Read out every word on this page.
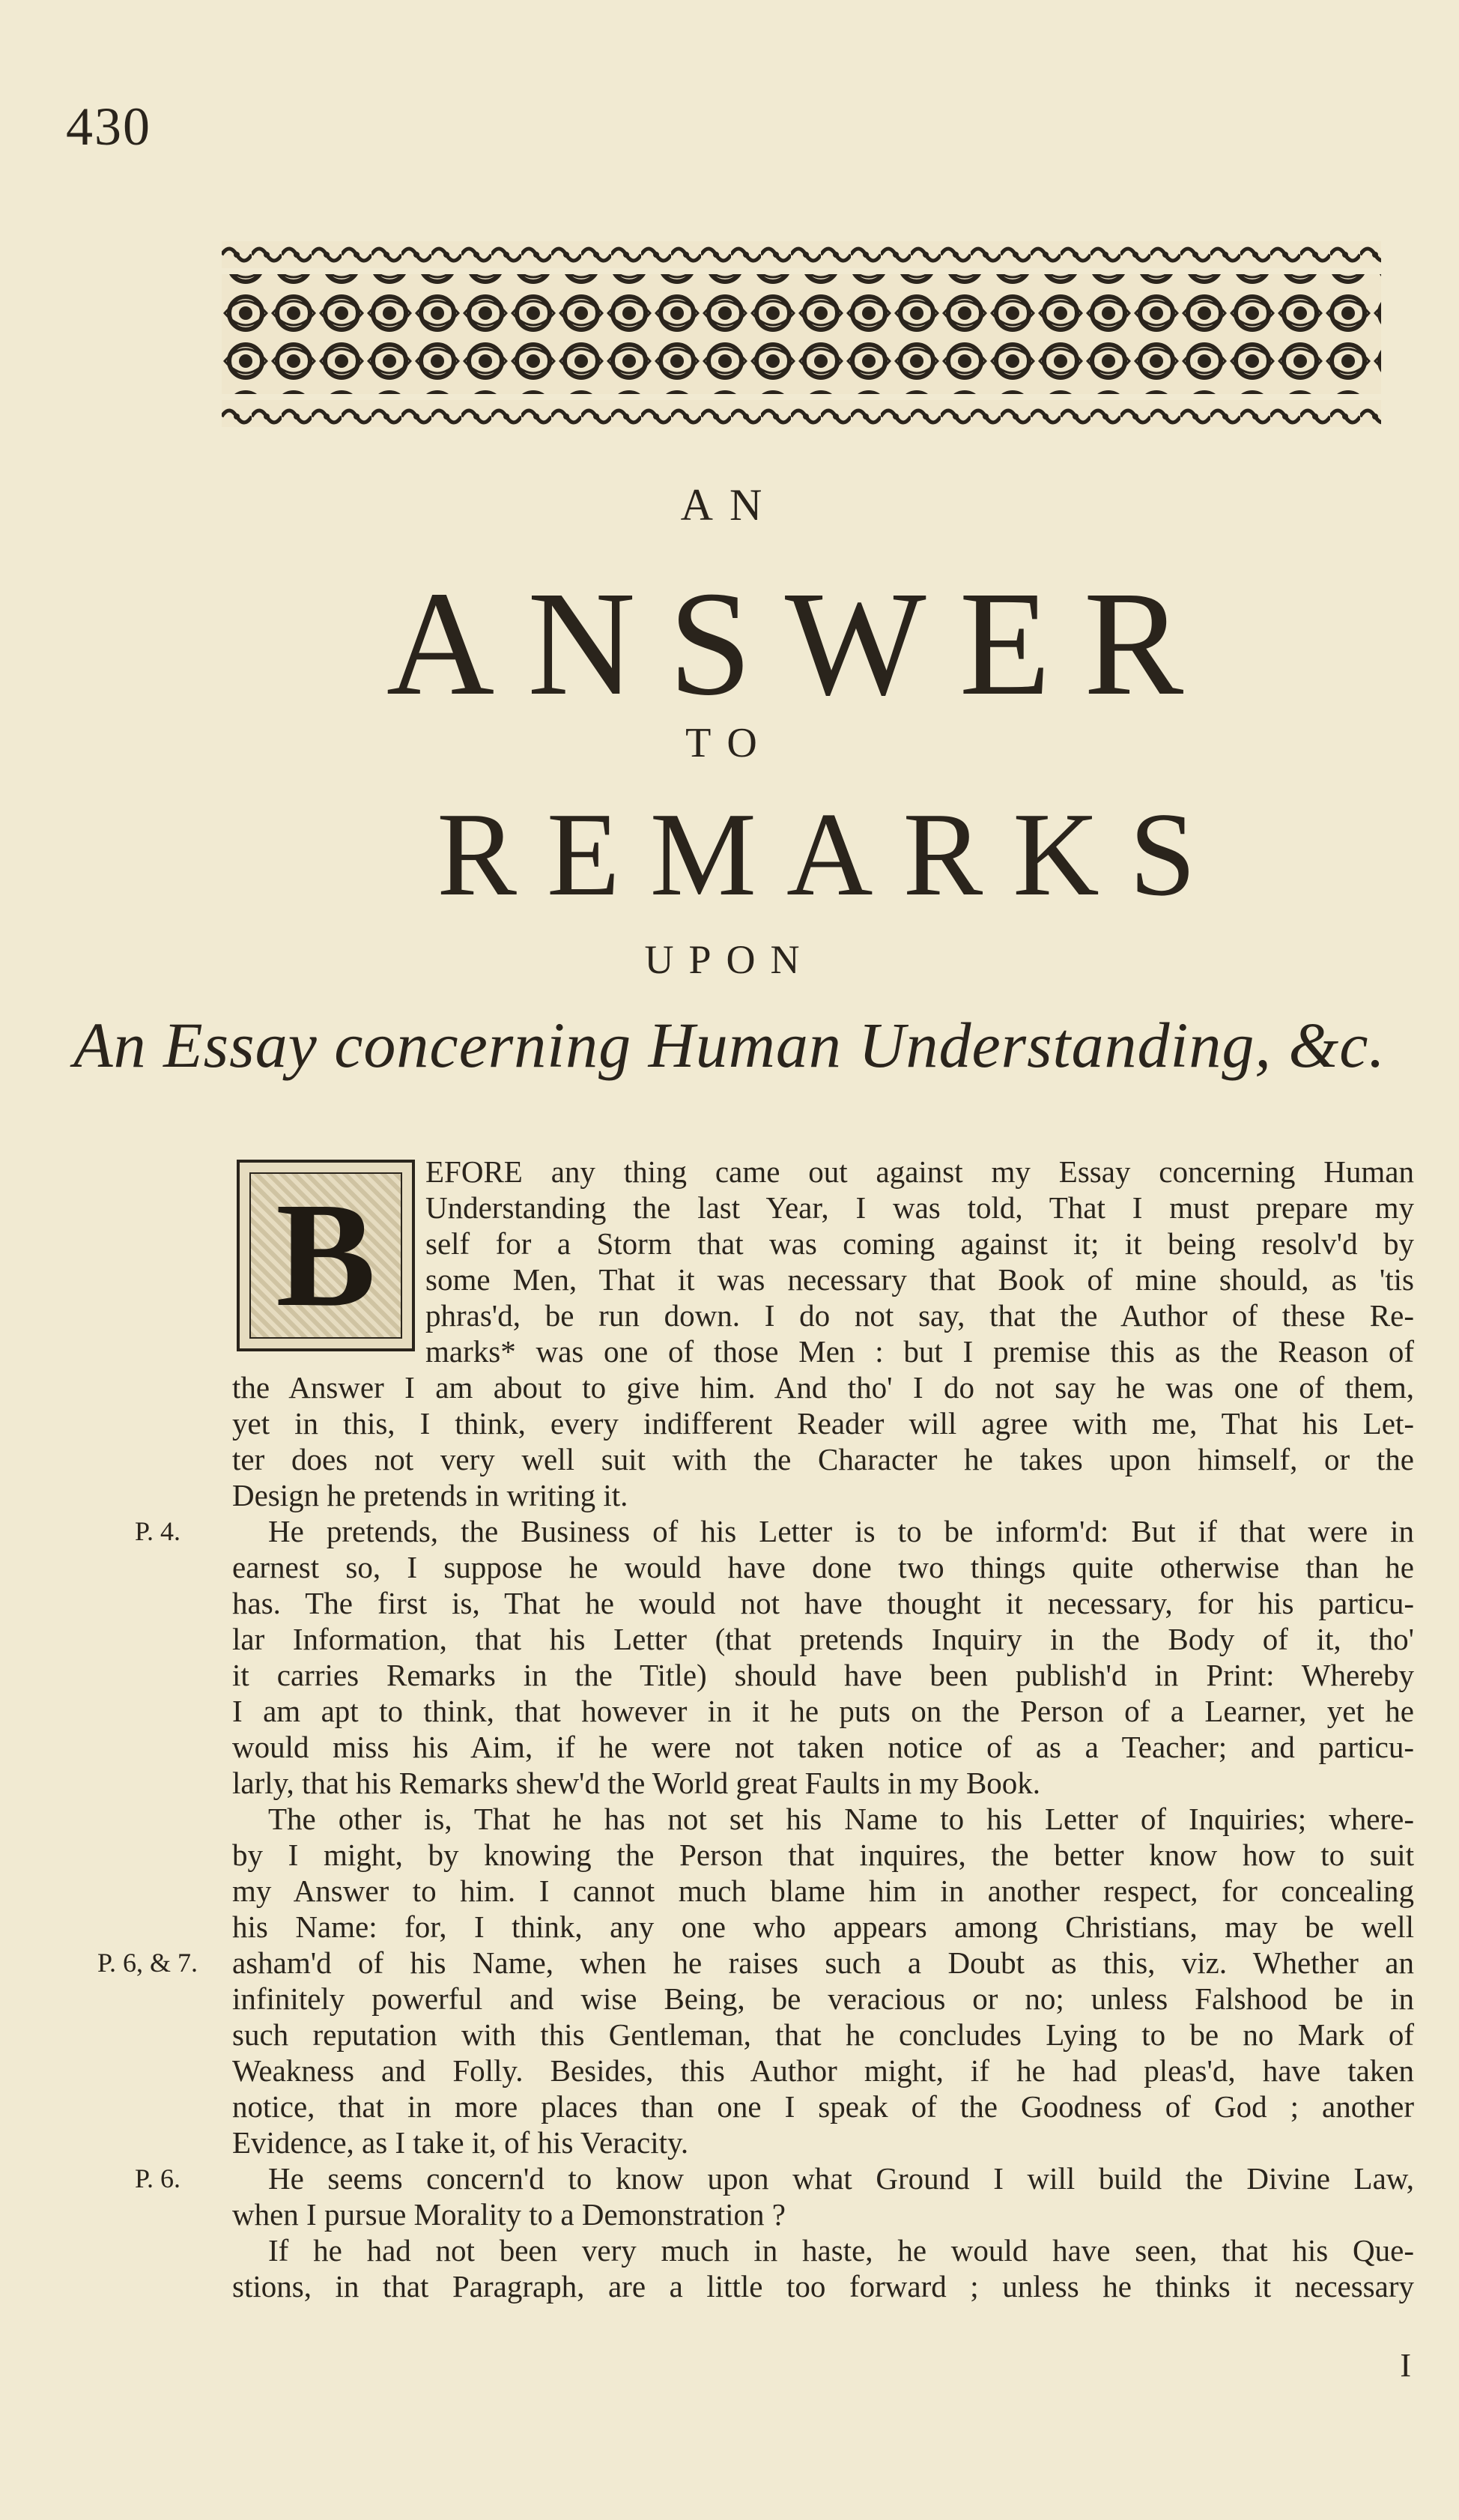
430
AN
ANSWER
TO
REMARKS
UPON
An Essay concerning Human Understanding, &c.
B
EFORE any thing came out against my Essay concerning Human
Understanding the last Year, I was told, That I must prepare my
self for a Storm that was coming against it; it being resolv'd by
some Men, That it was necessary that Book of mine should, as 'tis
phras'd, be run down. I do not say, that the Author of these Re-
marks* was one of those Men : but I premise this as the Reason of
the Answer I am about to give him. And tho' I do not say he was one of them,
yet in this, I think, every indifferent Reader will agree with me, That his Let-
ter does not very well suit with the Character he takes upon himself, or the
Design he pretends in writing it.
P. 4.	He pretends, the Business of his Letter is to be inform'd: But if that were in
earnest so, I suppose he would have done two things quite otherwise than he
has. The first is, That he would not have thought it necessary, for his particu-
lar Information, that his Letter (that pretends Inquiry in the Body of it, tho'
it carries Remarks in the Title) should have been publish'd in Print: Whereby
I am apt to think, that however in it he puts on the Person of a Learner, yet he
would miss his Aim, if he were not taken notice of as a Teacher; and particu-
larly, that his Remarks shew'd the World great Faults in my Book.
The other is, That he has not set his Name to his Letter of Inquiries; where-
by I might, by knowing the Person that inquires, the better know how to suit
my Answer to him. I cannot much blame him in another respect, for concealing
his Name: for, I think, any one who appears among Christians, may be well
P. 6, & 7. asham'd of his Name, when he raises such a Doubt as this, viz. Whether an
infinitely powerful and wise Being, be veracious or no; unless Falshood be in
such reputation with this Gentleman, that he concludes Lying to be no Mark of
Weakness and Folly. Besides, this Author might, if he had pleas'd, have taken
notice, that in more places than one I speak of the Goodness of God ; another
Evidence, as I take it, of his Veracity.
P. 6.	He seems concern'd to know upon what Ground I will build the Divine Law,
when I pursue Morality to a Demonstration ?
If he had not been very much in haste, he would have seen, that his Que-
stions, in that Paragraph, are a little too forward ; unless he thinks it necessary
I
